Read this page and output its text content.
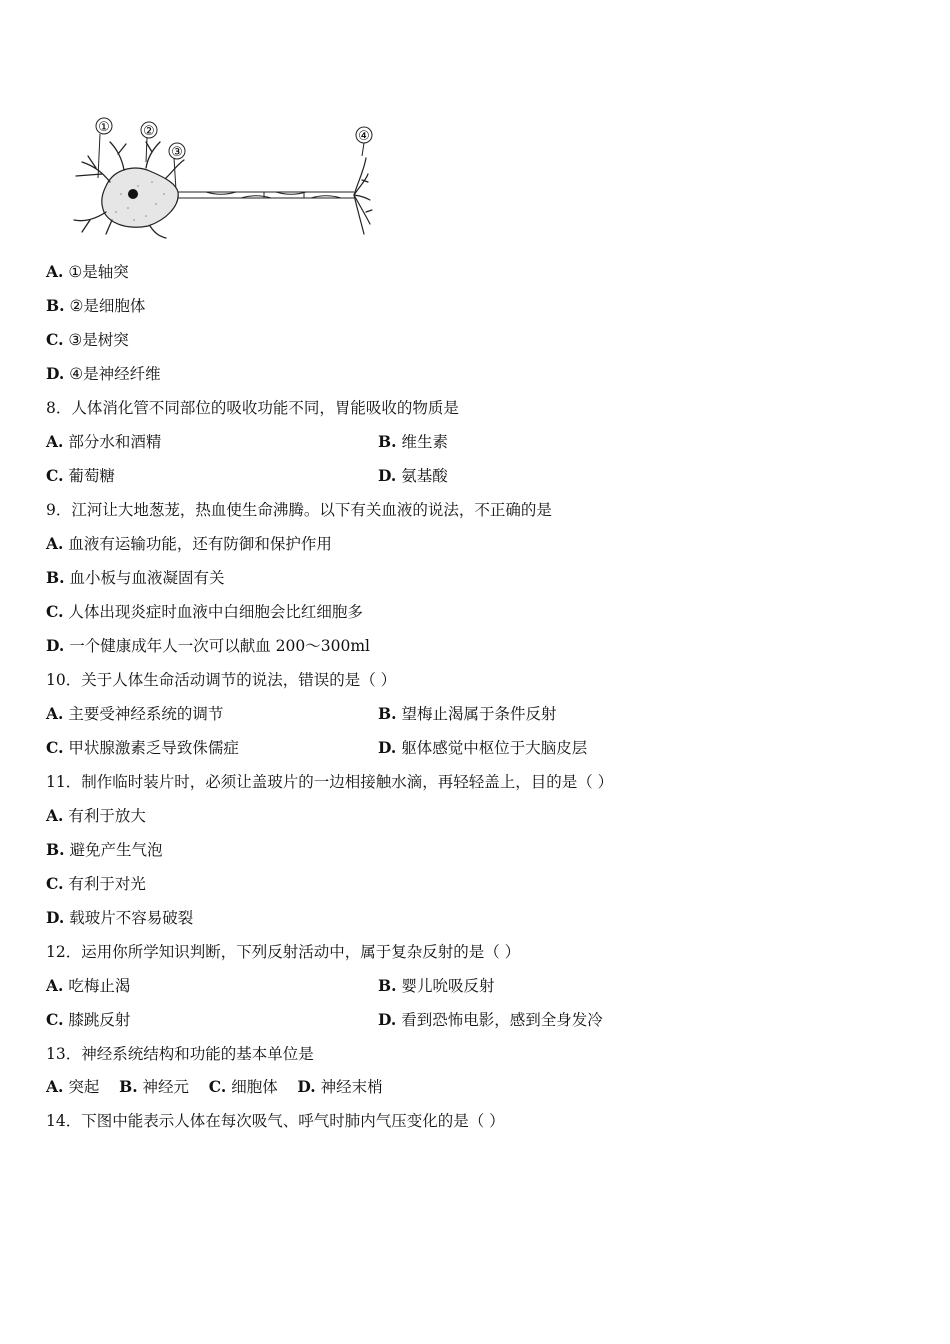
①	②
③
④
A. ①是轴突
B. ②是细胞体
C. ③是树突
D. ④是神经纤维
8．人体消化管不同部位的吸收功能不同，胃能吸收的物质是
A. 部分水和酒精	B. 维生素
C. 葡萄糖	D. 氨基酸
9．江河让大地葱茏，热血使生命沸腾。以下有关血液的说法，不正确的是
A. 血液有运输功能，还有防御和保护作用
B. 血小板与血液凝固有关
C. 人体出现炎症时血液中白细胞会比红细胞多
D. 一个健康成年人一次可以献血 200～300ml
10．关于人体生命活动调节的说法，错误的是（ ）
A. 主要受神经系统的调节	B. 望梅止渴属于条件反射
C. 甲状腺激素乏导致侏儒症	D. 躯体感觉中枢位于大脑皮层
11．制作临时装片时，必须让盖玻片的一边相接触水滴，再轻轻盖上，目的是（ ）
A. 有利于放大
B. 避免产生气泡
C. 有利于对光
D. 载玻片不容易破裂
12．运用你所学知识判断，下列反射活动中，属于复杂反射的是（ ）
A. 吃梅止渴	B. 婴儿吮吸反射
C. 膝跳反射	D. 看到恐怖电影，感到全身发冷
13．神经系统结构和功能的基本单位是
A. 突起 B. 神经元 C. 细胞体 D. 神经末梢
14．下图中能表示人体在每次吸气、呼气时肺内气压变化的是（ ）
